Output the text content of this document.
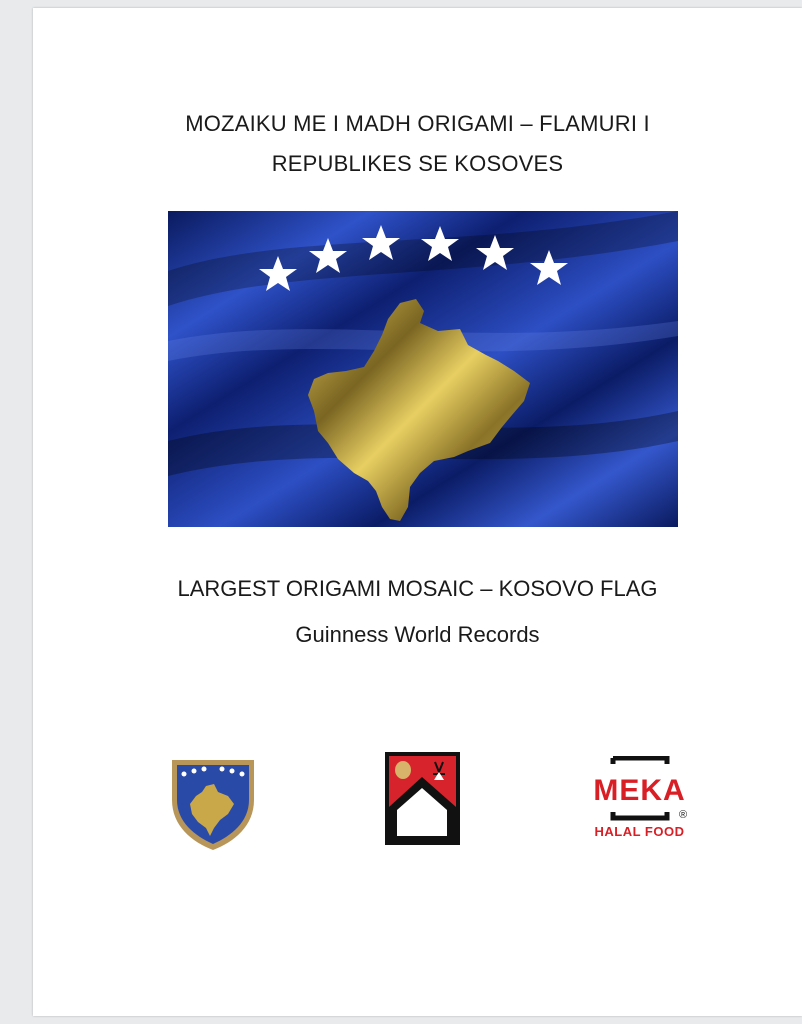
MOZAIKU ME I MADH ORIGAMI – FLAMURI I
REPUBLIKES SE KOSOVES
LARGEST ORIGAMI MOSAIC – KOSOVO FLAG
Guinness World Records
MEKA
®
HALAL FOOD
